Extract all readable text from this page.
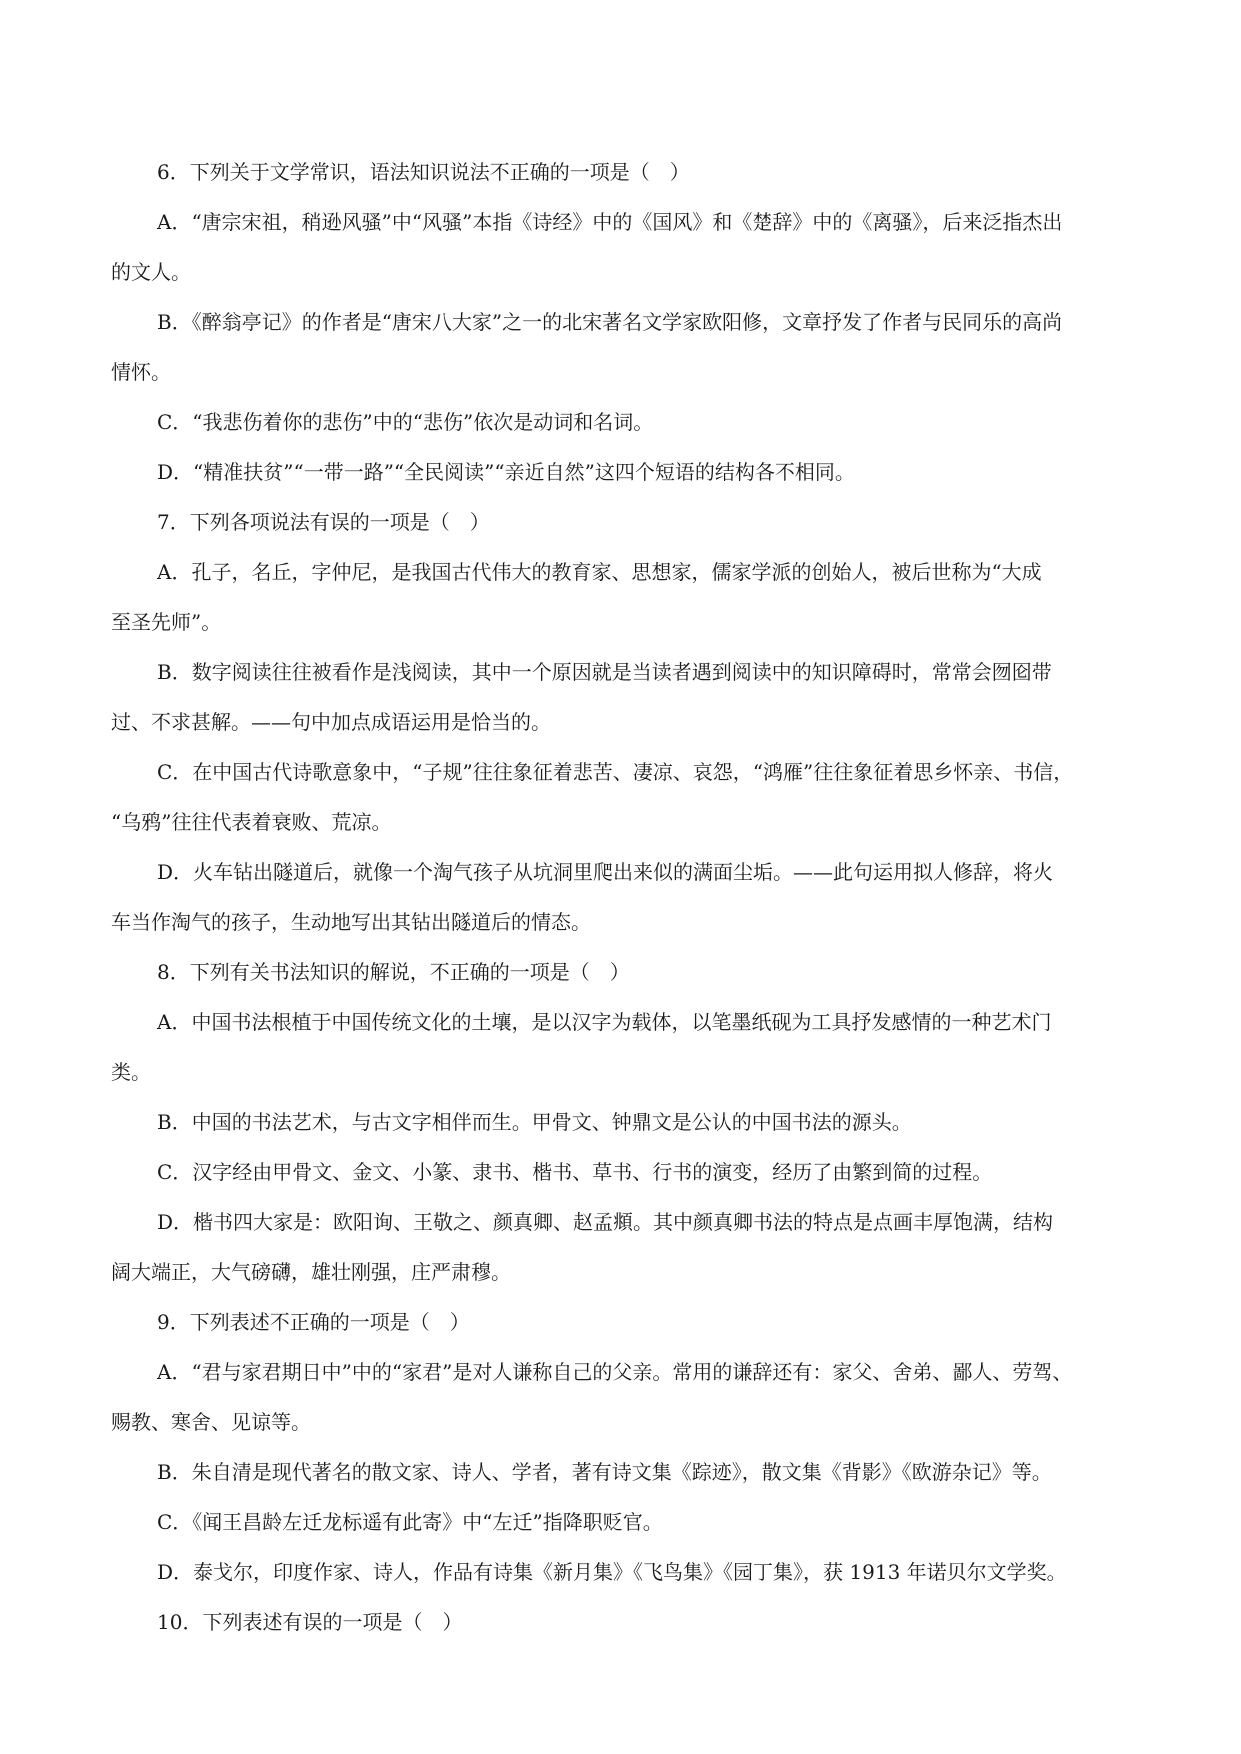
6．下列关于文学常识，语法知识说法不正确的一项是（　）
A．“唐宗宋祖，稍逊风骚”中“风骚”本指《诗经》中的《国风》和《楚辞》中的《离骚》，后来泛指杰出
的文人。
B．《醉翁亭记》的作者是“唐宋八大家”之一的北宋著名文学家欧阳修，文章抒发了作者与民同乐的高尚
情怀。
C．“我悲伤着你的悲伤”中的“悲伤”依次是动词和名词。
D．“精准扶贫”“一带一路”“全民阅读”“亲近自然”这四个短语的结构各不相同。
7．下列各项说法有误的一项是（　）
A．孔子，名丘，字仲尼，是我国古代伟大的教育家、思想家，儒家学派的创始人，被后世称为“大成
至圣先师”。
B．数字阅读往往被看作是浅阅读，其中一个原因就是当读者遇到阅读中的知识障碍时，常常会囫囵带
过、不求甚解。——句中加点成语运用是恰当的。
C．在中国古代诗歌意象中，“子规”往往象征着悲苦、凄凉、哀怨，“鸿雁”往往象征着思乡怀亲、书信，
“乌鸦”往往代表着衰败、荒凉。
D．火车钻出隧道后，就像一个淘气孩子从坑洞里爬出来似的满面尘垢。——此句运用拟人修辞，将火
车当作淘气的孩子，生动地写出其钻出隧道后的情态。
8．下列有关书法知识的解说，不正确的一项是（　）
A．中国书法根植于中国传统文化的土壤，是以汉字为载体，以笔墨纸砚为工具抒发感情的一种艺术门
类。
B．中国的书法艺术，与古文字相伴而生。甲骨文、钟鼎文是公认的中国书法的源头。
C．汉字经由甲骨文、金文、小篆、隶书、楷书、草书、行书的演变，经历了由繁到简的过程。
D．楷书四大家是：欧阳询、王敬之、颜真卿、赵孟頫。其中颜真卿书法的特点是点画丰厚饱满，结构
阔大端正，大气磅礴，雄壮刚强，庄严肃穆。
9．下列表述不正确的一项是（　）
A．“君与家君期日中”中的“家君”是对人谦称自己的父亲。常用的谦辞还有：家父、舍弟、鄙人、劳驾、
赐教、寒舍、见谅等。
B．朱自清是现代著名的散文家、诗人、学者，著有诗文集《踪迹》，散文集《背影》《欧游杂记》等。
C．《闻王昌龄左迁龙标遥有此寄》中“左迁”指降职贬官。
D．泰戈尔，印度作家、诗人，作品有诗集《新月集》《飞鸟集》《园丁集》，获 1913 年诺贝尔文学奖。
10．下列表述有误的一项是（　）
